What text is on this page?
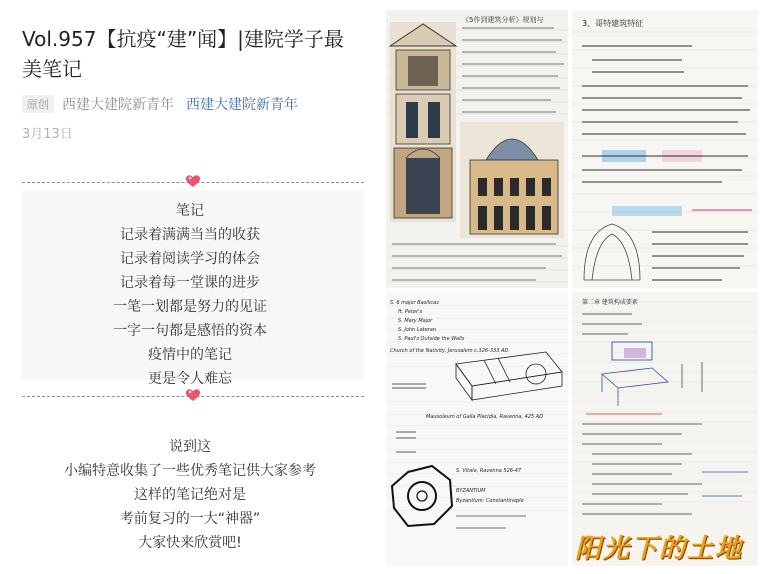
Vol.957【抗疫“建”闻】|建院学子最美笔记
原创 西建大建院新青年 西建大建院新青年
3月13日
笔记
记录着满满当当的收获
记录着阅读学习的体会
记录着每一堂课的进步
一笔一划都是努力的见证
一字一句都是感悟的资本
疫情中的笔记
更是令人难忘
说到这
小编特意收集了一些优秀笔记供大家参考
这样的笔记绝对是
考前复习的一大“神器”
大家快来欣赏吧!
《5作到建筑分析》规划与	3、哥特建筑特征
S. 6 major Basilicas
ft. Peter's
S. Mary Major
S. John Lateran
S. Paul's Outside the Walls
Church of the Nativity, Jerusalem c.326-333 AD
Mausoleum of Galla Placidia, Ravenna, 425 AD
S. Vitale, Ravenna 526-47
BYZANTIUM
Byzantium: Constantinople
第二章 建筑构成要素
阳光下的土地
